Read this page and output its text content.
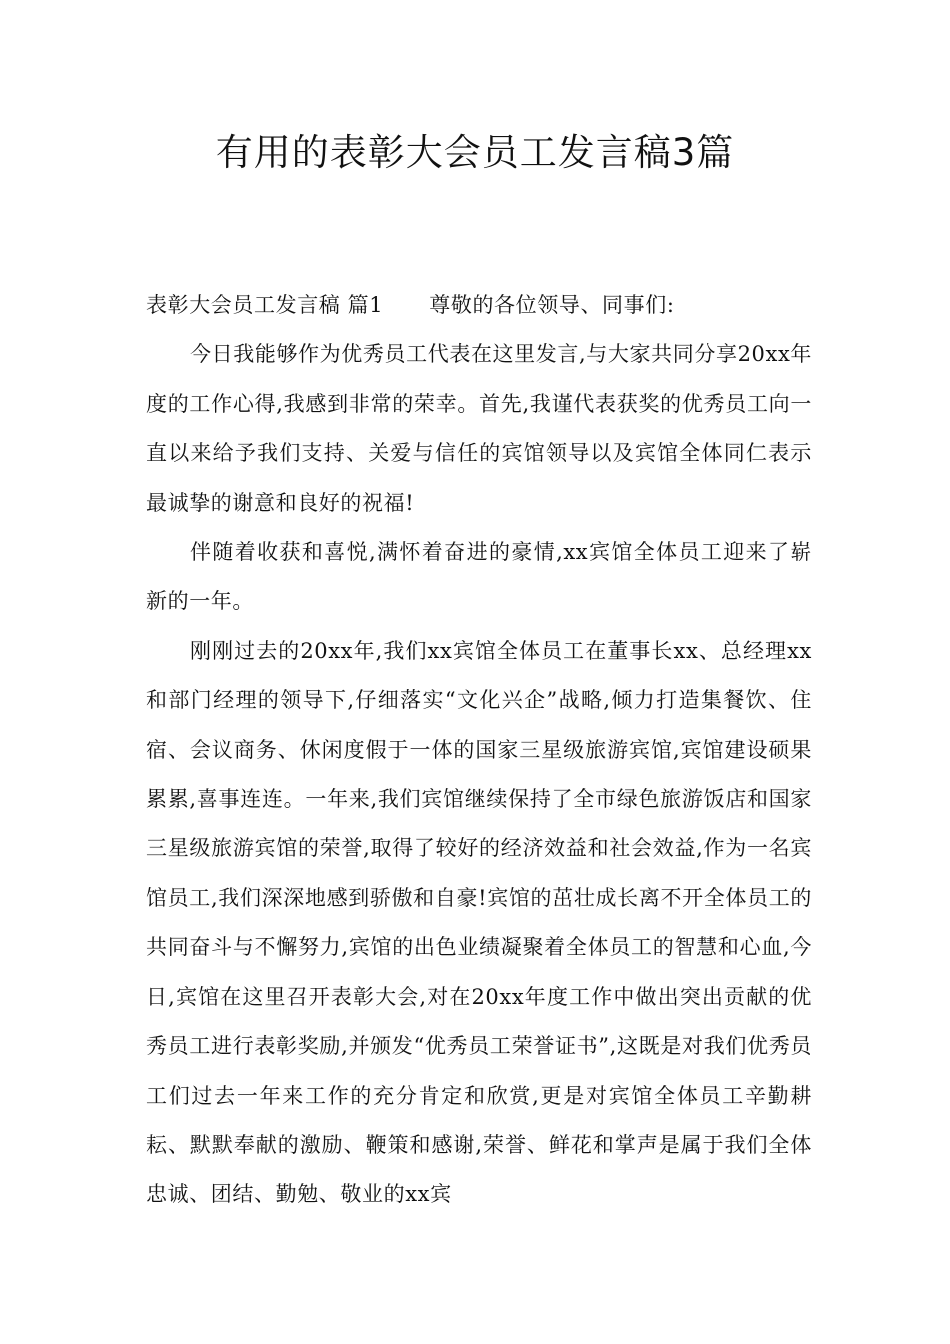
有用的表彰大会员工发言稿3篇

表彰大会员工发言稿 篇1 尊敬的各位领导、同事们:

今日我能够作为优秀员工代表在这里发言,与大家共同分享20xx年度的工作心得,我感到非常的荣幸。首先,我谨代表获奖的优秀员工向一直以来给予我们支持、关爱与信任的宾馆领导以及宾馆全体同仁表示最诚挚的谢意和良好的祝福!

伴随着收获和喜悦,满怀着奋进的豪情,xx宾馆全体员工迎来了崭新的一年。

刚刚过去的20xx年,我们xx宾馆全体员工在董事长xx、总经理xx和部门经理的领导下,仔细落实“文化兴企”战略,倾力打造集餐饮、住宿、会议商务、休闲度假于一体的国家三星级旅游宾馆,宾馆建设硕果累累,喜事连连。一年来,我们宾馆继续保持了全市绿色旅游饭店和国家三星级旅游宾馆的荣誉,取得了较好的经济效益和社会效益,作为一名宾馆员工,我们深深地感到骄傲和自豪!宾馆的茁壮成长离不开全体员工的共同奋斗与不懈努力,宾馆的出色业绩凝聚着全体员工的智慧和心血,今日,宾馆在这里召开表彰大会,对在20xx年度工作中做出突出贡献的优秀员工进行表彰奖励,并颁发“优秀员工荣誉证书”,这既是对我们优秀员工们过去一年来工作的充分肯定和欣赏,更是对宾馆全体员工辛勤耕耘、默默奉献的激励、鞭策和感谢,荣誉、鲜花和掌声是属于我们全体忠诚、团结、勤勉、敬业的xx宾
